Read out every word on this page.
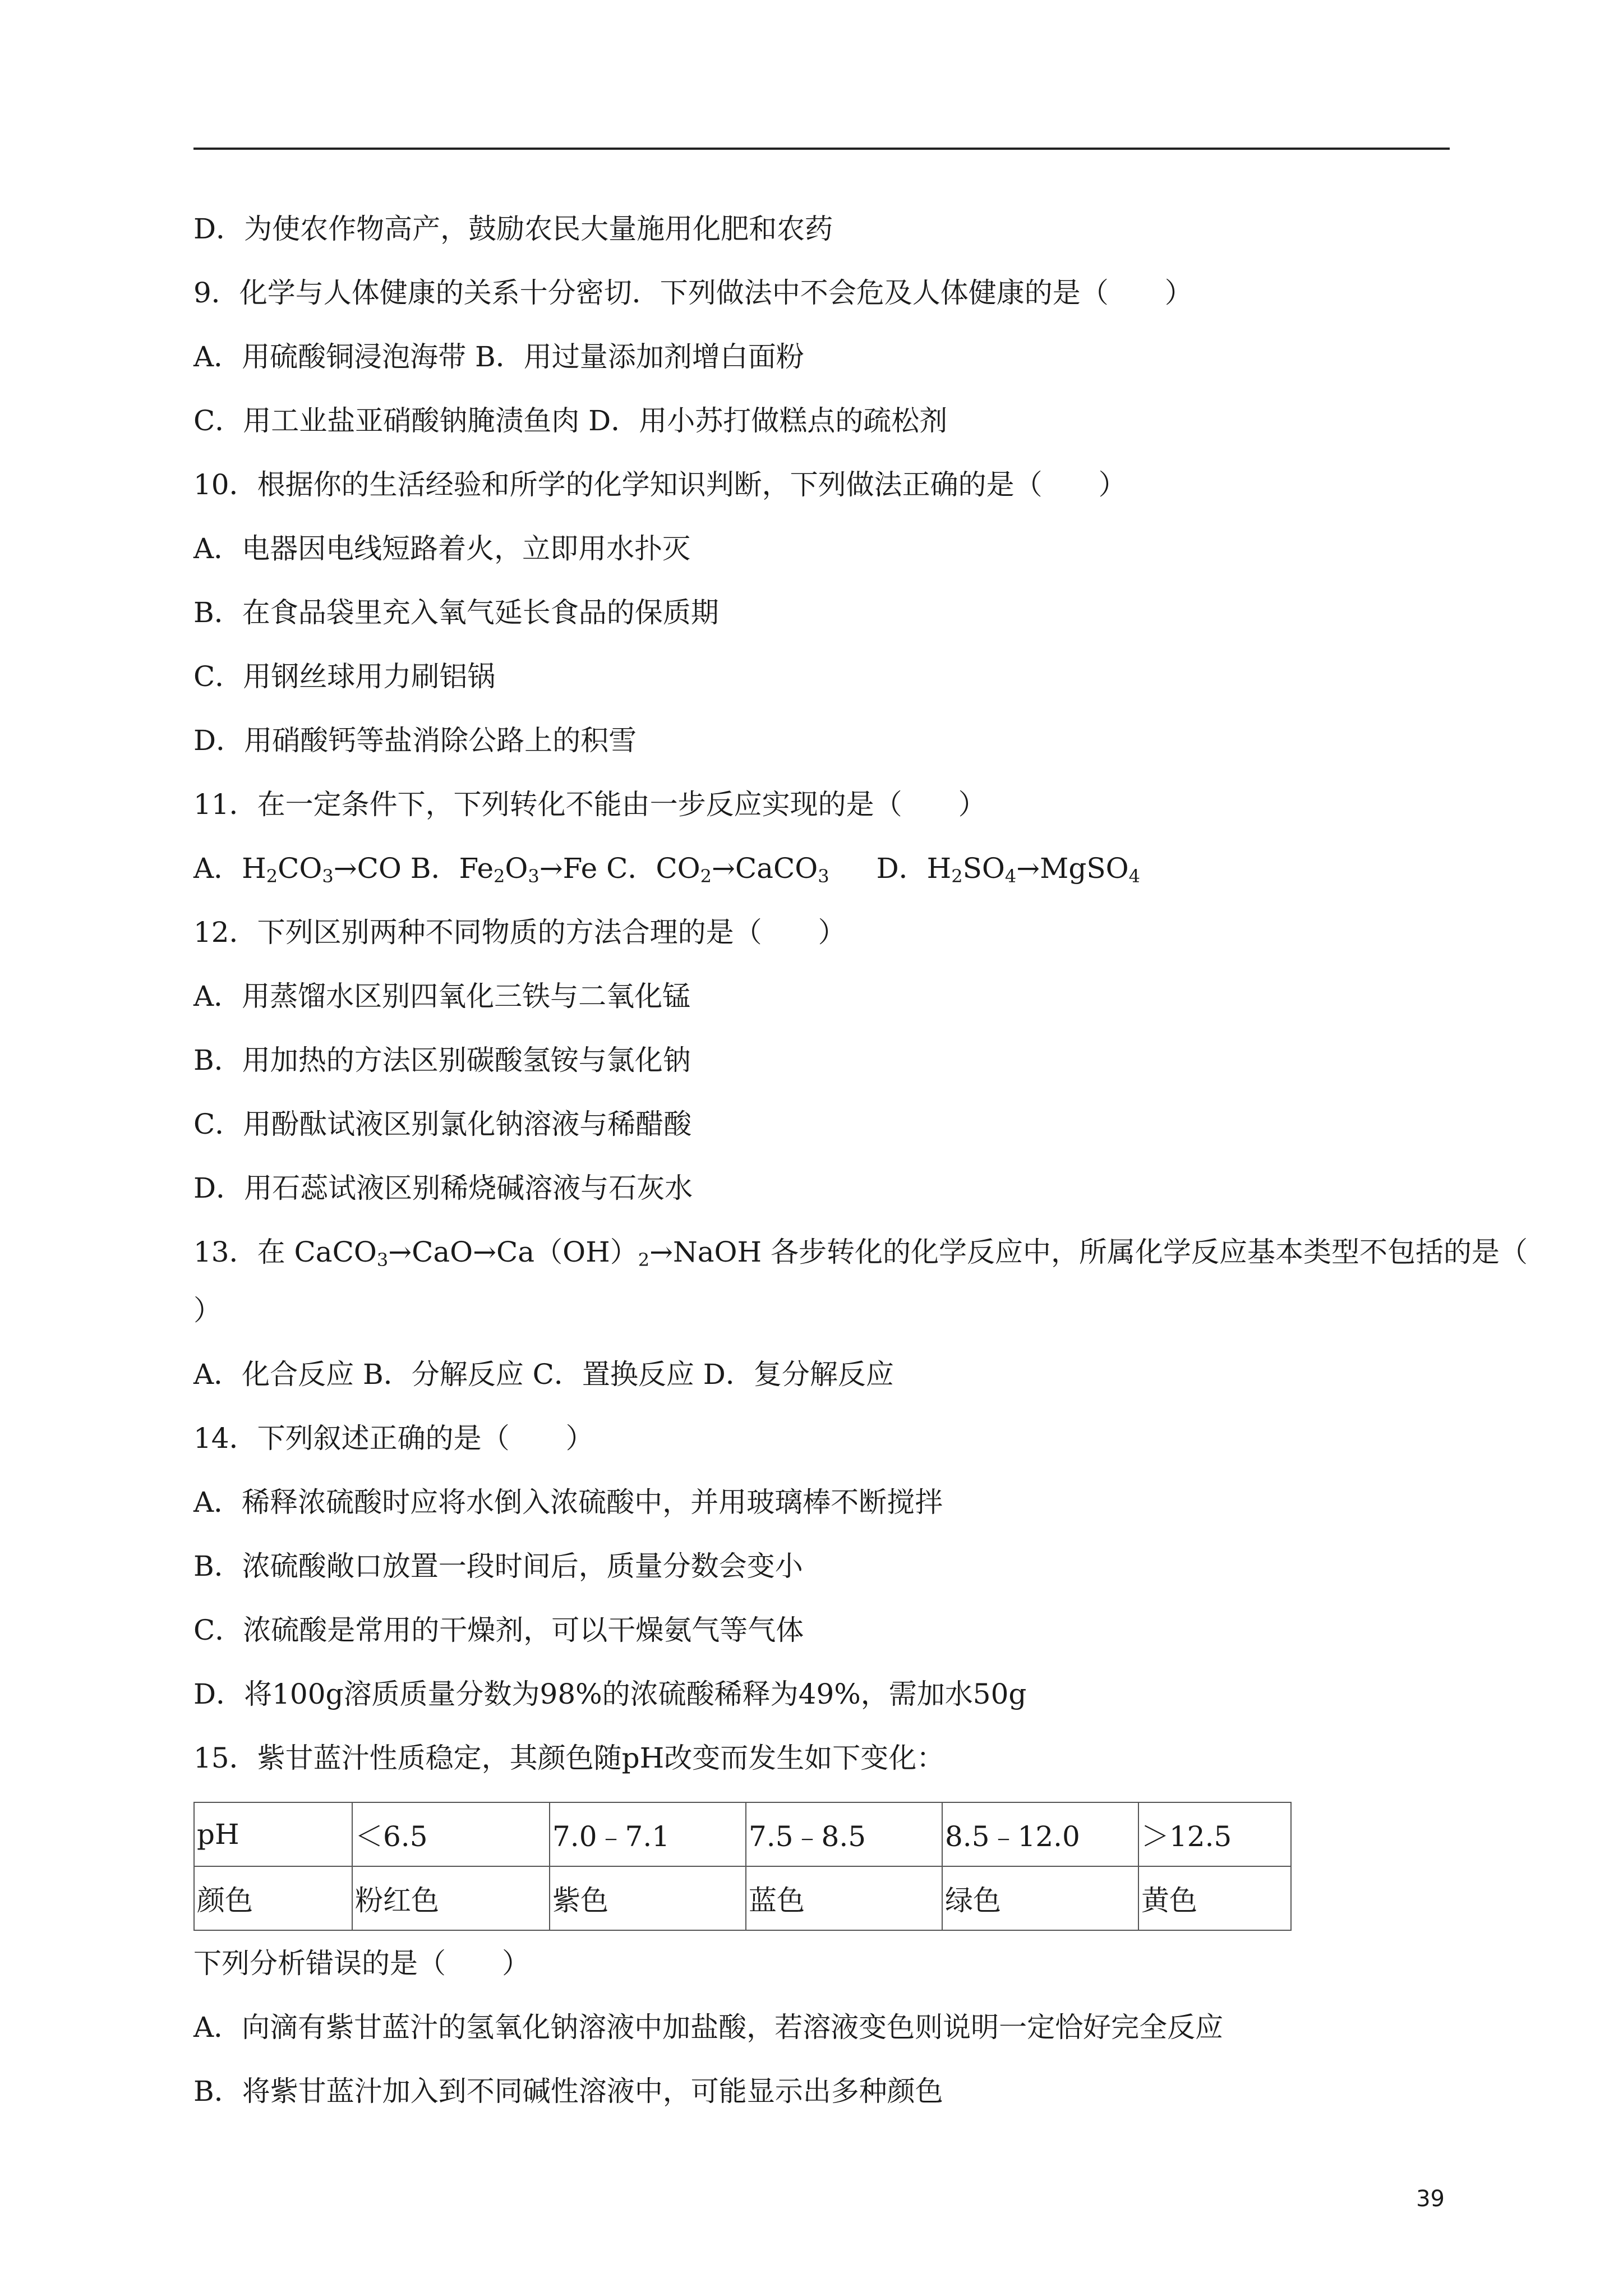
D．为使农作物高产，鼓励农民大量施用化肥和农药
9．化学与人体健康的关系十分密切．下列做法中不会危及人体健康的是（　　）
A．用硫酸铜浸泡海带 B．用过量添加剂增白面粉
C．用工业盐亚硝酸钠腌渍鱼肉 D．用小苏打做糕点的疏松剂
10．根据你的生活经验和所学的化学知识判断，下列做法正确的是（　　）
A．电器因电线短路着火，立即用水扑灭
B．在食品袋里充入氧气延长食品的保质期
C．用钢丝球用力刷铝锅
D．用硝酸钙等盐消除公路上的积雪
11．在一定条件下，下列转化不能由一步反应实现的是（　　）
A．$H_2CO_3\to CO$ B．$Fe_2O_3\to Fe$ C．$CO_2\to CaCO_3$ D．$H_2SO_4\to MgSO_4$
12．下列区别两种不同物质的方法合理的是（　　）
A．用蒸馏水区别四氧化三铁与二氧化锰
B．用加热的方法区别碳酸氢铵与氯化钠
C．用酚酞试液区别氯化钠溶液与稀醋酸
D．用石蕊试液区别稀烧碱溶液与石灰水
13．在 $CaCO_3\to CaO\to Ca(OH)_2\to NaOH$ 各步转化的化学反应中，所属化学反应基本类型不包括的是（
）
A．化合反应 B．分解反应 C．置换反应 D．复分解反应
14．下列叙述正确的是（　　）
A．稀释浓硫酸时应将水倒入浓硫酸中，并用玻璃棒不断搅拌
B．浓硫酸敞口放置一段时间后，质量分数会变小
C．浓硫酸是常用的干燥剂，可以干燥氨气等气体
D．将100g溶质质量分数为98%的浓硫酸稀释为49%，需加水50g
15．紫甘蓝汁性质稳定，其颜色随pH改变而发生如下变化：
pH	＜6.5	7.0﹣7.1	7.5﹣8.5	8.5﹣12.0	＞12.5
颜色	粉红色	紫色	蓝色	绿色	黄色
下列分析错误的是（　　）
A．向滴有紫甘蓝汁的氢氧化钠溶液中加盐酸，若溶液变色则说明一定恰好完全反应
B．将紫甘蓝汁加入到不同碱性溶液中，可能显示出多种颜色
39
